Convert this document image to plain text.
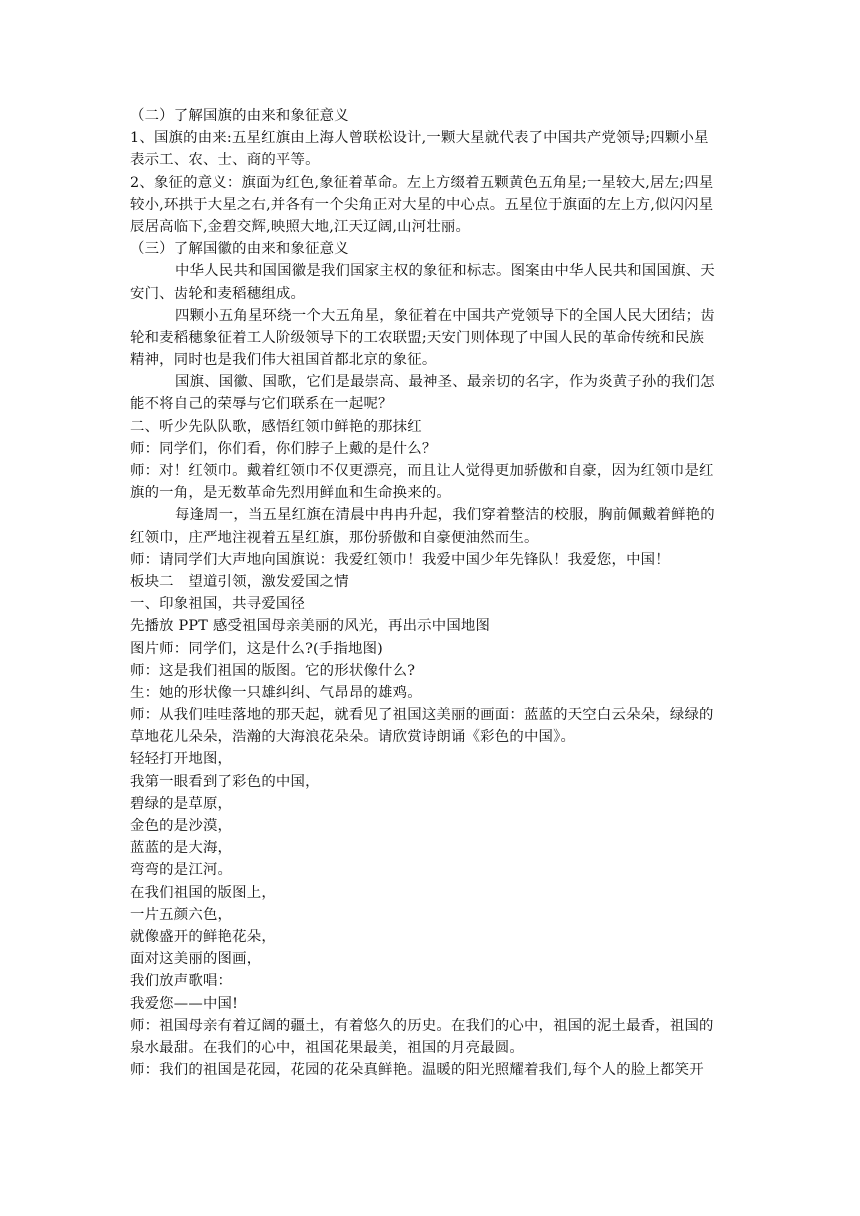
（二）了解国旗的由来和象征意义
1、国旗的由来:五星红旗由上海人曾联松设计,一颗大星就代表了中国共产党领导;四颗小星
表示工、农、士、商的平等。
2、象征的意义：旗面为红色,象征着革命。左上方缀着五颗黄色五角星;一星较大,居左;四星
较小,环拱于大星之右,并各有一个尖角正对大星的中心点。五星位于旗面的左上方,似闪闪星
辰居高临下,金碧交辉,映照大地,江天辽阔,山河壮丽。
（三）了解国徽的由来和象征意义
中华人民共和国国徽是我们国家主权的象征和标志。图案由中华人民共和国国旗、天
安门、齿轮和麦稻穗组成。
四颗小五角星环绕一个大五角星，象征着在中国共产党领导下的全国人民大团结；齿
轮和麦稻穗象征着工人阶级领导下的工农联盟;天安门则体现了中国人民的革命传统和民族
精神，同时也是我们伟大祖国首都北京的象征。
国旗、国徽、国歌，它们是最崇高、最神圣、最亲切的名字，作为炎黄子孙的我们怎
能不将自己的荣辱与它们联系在一起呢？
二、听少先队队歌，感悟红领巾鲜艳的那抹红
师：同学们，你们看，你们脖子上戴的是什么？
师：对！红领巾。戴着红领巾不仅更漂亮，而且让人觉得更加骄傲和自豪，因为红领巾是红
旗的一角，是无数革命先烈用鲜血和生命换来的。
每逢周一，当五星红旗在清晨中冉冉升起，我们穿着整洁的校服，胸前佩戴着鲜艳的
红领巾，庄严地注视着五星红旗，那份骄傲和自豪便油然而生。
师：请同学们大声地向国旗说：我爱红领巾！我爱中国少年先锋队！我爱您，中国！
板块二　望道引领，激发爱国之情
一、印象祖国，共寻爱国径
先播放 PPT 感受祖国母亲美丽的风光，再出示中国地图
图片师：同学们，这是什么?(手指地图)
师：这是我们祖国的版图。它的形状像什么?
生：她的形状像一只雄纠纠、气昂昂的雄鸡。
师：从我们哇哇落地的那天起，就看见了祖国这美丽的画面：蓝蓝的天空白云朵朵，绿绿的
草地花儿朵朵，浩瀚的大海浪花朵朵。请欣赏诗朗诵《彩色的中国》。
轻轻打开地图，
我第一眼看到了彩色的中国，
碧绿的是草原，
金色的是沙漠，
蓝蓝的是大海，
弯弯的是江河。
在我们祖国的版图上，
一片五颜六色，
就像盛开的鲜艳花朵，
面对这美丽的图画，
我们放声歌唱：
我爱您——中国!
师：祖国母亲有着辽阔的疆土，有着悠久的历史。在我们的心中，祖国的泥土最香，祖国的
泉水最甜。在我们的心中，祖国花果最美，祖国的月亮最圆。
师：我们的祖国是花园，花园的花朵真鲜艳。温暖的阳光照耀着我们,每个人的脸上都笑开
